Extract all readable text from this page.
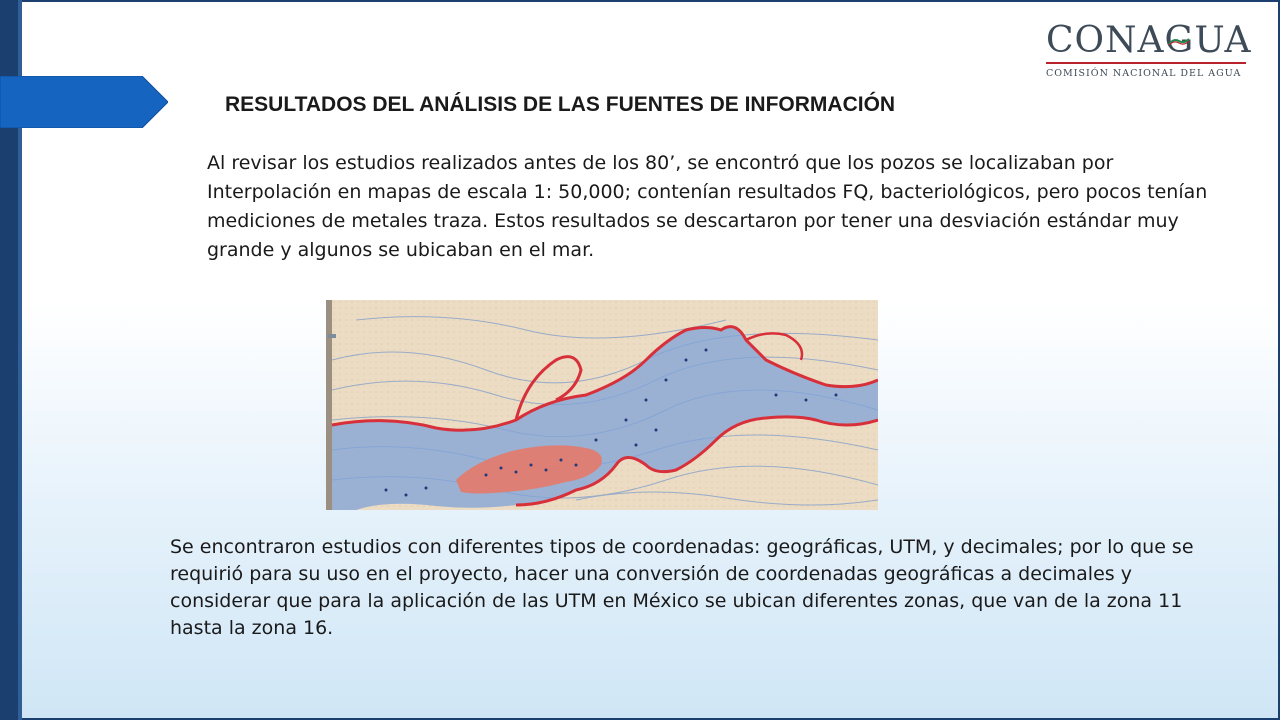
CONAGUA
COMISIÓN NACIONAL DEL AGUA
RESULTADOS DEL ANÁLISIS DE LAS FUENTES DE INFORMACIÓN
Al revisar los estudios realizados antes de los 80’, se encontró que los pozos se localizaban por Interpolación en mapas de escala 1: 50,000; contenían resultados FQ, bacteriológicos, pero pocos tenían mediciones de metales traza. Estos resultados se descartaron por tener una desviación estándar muy grande y algunos se ubicaban en el mar.
Se encontraron estudios con diferentes tipos de coordenadas: geográficas, UTM, y decimales; por lo que se requirió para su uso en el proyecto, hacer una conversión de coordenadas geográficas a decimales y considerar que para la aplicación de las UTM en México se ubican diferentes zonas, que van de la zona 11 hasta la zona 16.
